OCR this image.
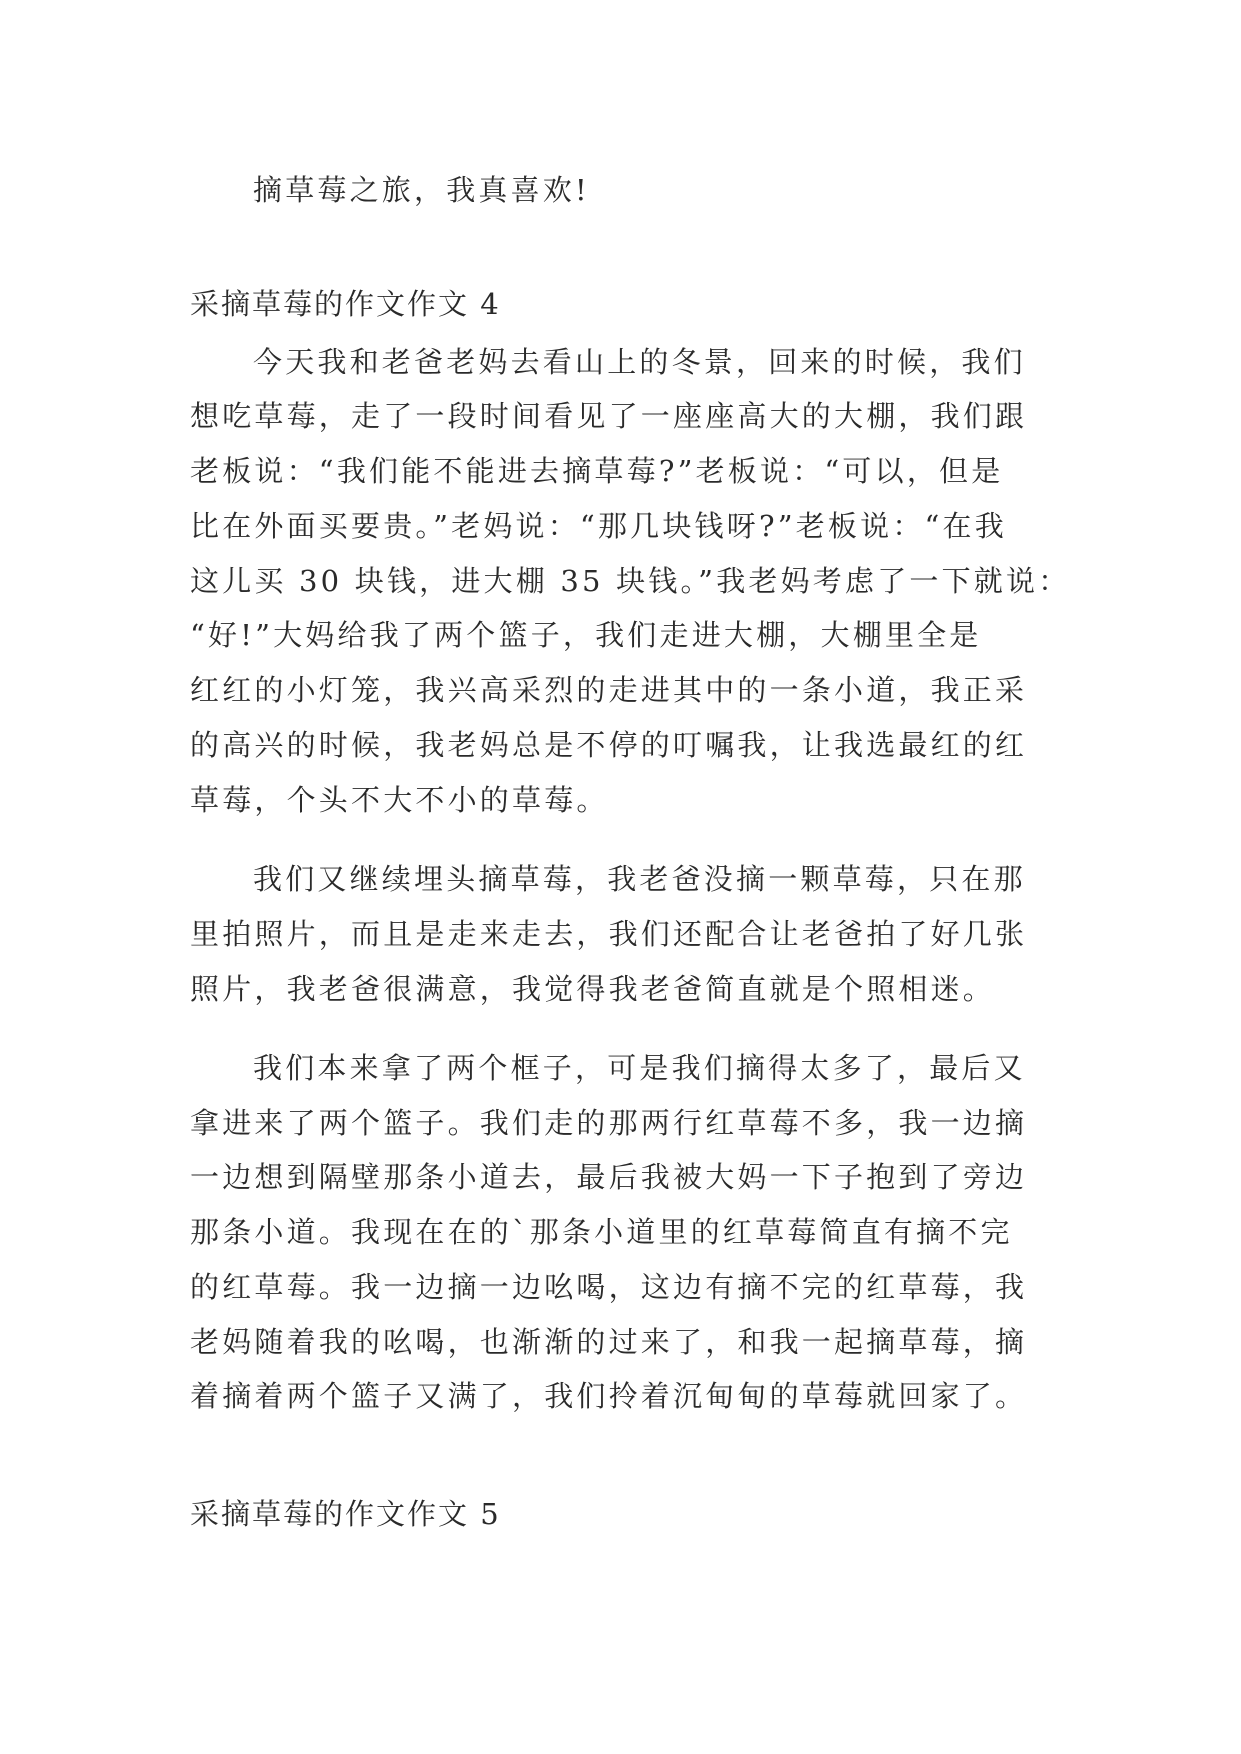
摘草莓之旅，我真喜欢!
采摘草莓的作文作文 4
今天我和老爸老妈去看山上的冬景，回来的时候，我们
想吃草莓，走了一段时间看见了一座座高大的大棚，我们跟
老板说：“我们能不能进去摘草莓?”老板说：“可以，但是
比在外面买要贵。”老妈说：“那几块钱呀?”老板说：“在我
这儿买 30 块钱，进大棚 35 块钱。”我老妈考虑了一下就说：
“好!”大妈给我了两个篮子，我们走进大棚，大棚里全是
红红的小灯笼，我兴高采烈的走进其中的一条小道，我正采
的高兴的时候，我老妈总是不停的叮嘱我，让我选最红的红
草莓，个头不大不小的草莓。
我们又继续埋头摘草莓，我老爸没摘一颗草莓，只在那
里拍照片，而且是走来走去，我们还配合让老爸拍了好几张
照片，我老爸很满意，我觉得我老爸简直就是个照相迷。
我们本来拿了两个框子，可是我们摘得太多了，最后又
拿进来了两个篮子。我们走的那两行红草莓不多，我一边摘
一边想到隔壁那条小道去，最后我被大妈一下子抱到了旁边
那条小道。我现在在的`那条小道里的红草莓简直有摘不完
的红草莓。我一边摘一边吆喝，这边有摘不完的红草莓，我
老妈随着我的吆喝，也渐渐的过来了，和我一起摘草莓，摘
着摘着两个篮子又满了，我们拎着沉甸甸的草莓就回家了。
采摘草莓的作文作文 5
